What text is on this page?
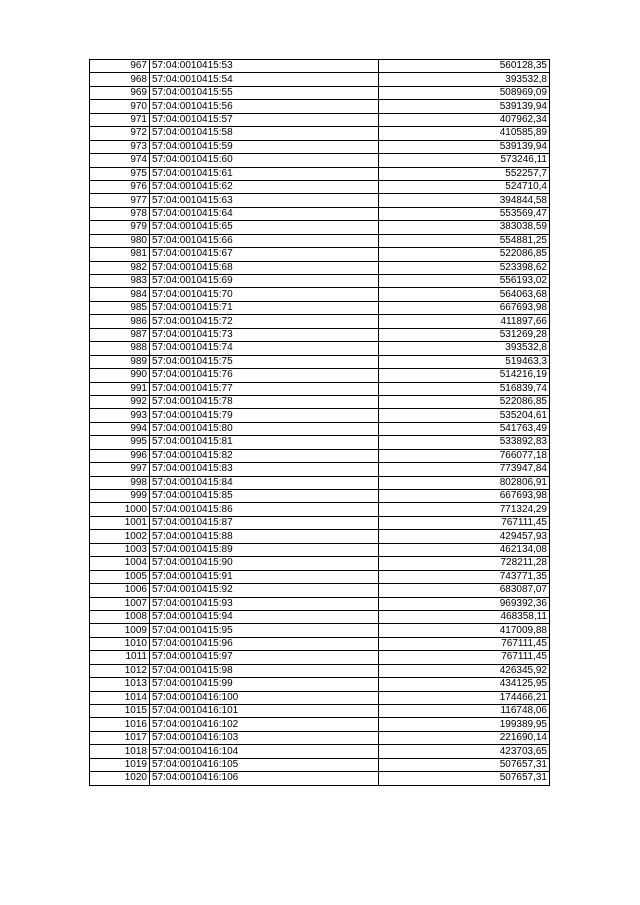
967	57:04:0010415:53	560128,35
968	57:04:0010415:54	393532,8
969	57:04:0010415:55	508969,09
970	57:04:0010415:56	539139,94
971	57:04:0010415:57	407962,34
972	57:04:0010415:58	410585,89
973	57:04:0010415:59	539139,94
974	57:04:0010415:60	573246,11
975	57:04:0010415:61	552257,7
976	57:04:0010415:62	524710,4
977	57:04:0010415:63	394844,58
978	57:04:0010415:64	553569,47
979	57:04:0010415:65	383038,59
980	57:04:0010415:66	554881,25
981	57:04:0010415:67	522086,85
982	57:04:0010415:68	523398,62
983	57:04:0010415:69	556193,02
984	57:04:0010415:70	564063,68
985	57:04:0010415:71	667693,98
986	57:04:0010415:72	411897,66
987	57:04:0010415:73	531269,28
988	57:04:0010415:74	393532,8
989	57:04:0010415:75	519463,3
990	57:04:0010415:76	514216,19
991	57:04:0010415:77	516839,74
992	57:04:0010415:78	522086,85
993	57:04:0010415:79	535204,61
994	57:04:0010415:80	541763,49
995	57:04:0010415:81	533892,83
996	57:04:0010415:82	766077,18
997	57:04:0010415:83	773947,84
998	57:04:0010415:84	802806,91
999	57:04:0010415:85	667693,98
1000	57:04:0010415:86	771324,29
1001	57:04:0010415:87	767111,45
1002	57:04:0010415:88	429457,93
1003	57:04:0010415:89	462134,08
1004	57:04:0010415:90	728211,28
1005	57:04:0010415:91	743771,35
1006	57:04:0010415:92	683087,07
1007	57:04:0010415:93	969392,36
1008	57:04:0010415:94	468358,11
1009	57:04:0010415:95	417009,88
1010	57:04:0010415:96	767111,45
1011	57:04:0010415:97	767111,45
1012	57:04:0010415:98	426345,92
1013	57:04:0010415:99	434125,95
1014	57:04:0010416:100	174466,21
1015	57:04:0010416:101	116748,06
1016	57:04:0010416:102	199389,95
1017	57:04:0010416:103	221690,14
1018	57:04:0010416:104	423703,65
1019	57:04:0010416:105	507657,31
1020	57:04:0010416:106	507657,31
